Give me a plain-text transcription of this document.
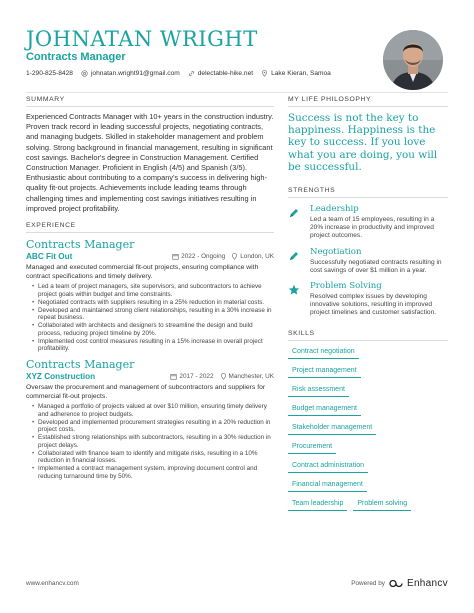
JOHNATAN WRIGHT
Contracts Manager
1-290-825-8428	johnatan.wright91@gmail.com	delectable-hike.net	Lake Kieran, Samoa
SUMMARY
Experienced Contracts Manager with 10+ years in the construction industry. Proven track record in leading successful projects, negotiating contracts, and managing budgets. Skilled in stakeholder management and problem solving. Strong background in financial management, resulting in significant cost savings. Bachelor's degree in Construction Management. Certified Construction Manager. Proficient in English (4/5) and Spanish (3/5). Enthusiastic about contributing to a company's success in delivering high-quality fit-out projects. Achievements include leading teams through challenging times and implementing cost savings initiatives resulting in improved project profitability.
EXPERIENCE
Contracts Manager
ABC Fit Out	2022 - Ongoing London, UK
Managed and executed commercial fit-out projects, ensuring compliance with contract specifications and timely delivery.
• Led a team of project managers, site supervisors, and subcontractors to achieve project goals within budget and time constraints.
• Negotiated contracts with suppliers resulting in a 25% reduction in material costs.
• Developed and maintained strong client relationships, resulting in a 30% increase in repeat business.
• Collaborated with architects and designers to streamline the design and build process, reducing project timeline by 20%.
• Implemented cost control measures resulting in a 15% increase in overall project profitability.
Contracts Manager
XYZ Construction	2017 - 2022 Manchester, UK
Oversaw the procurement and management of subcontractors and suppliers for commercial fit-out projects.
• Managed a portfolio of projects valued at over $10 million, ensuring timely delivery and adherence to project budgets.
• Developed and implemented procurement strategies resulting in a 20% reduction in project costs.
• Established strong relationships with subcontractors, resulting in a 30% reduction in project delays.
• Collaborated with finance team to identify and mitigate risks, resulting in a 10% reduction in financial losses.
• Implemented a contract management system, improving document control and reducing turnaround time by 50%.
MY LIFE PHILOSOPHY
Success is not the key to happiness. Happiness is the key to success. If you love what you are doing, you will be successful.
STRENGTHS
Leadership
Led a team of 15 employees, resulting in a 20% increase in productivity and improved project outcomes.
Negotiation
Successfully negotiated contracts resulting in cost savings of over $1 million in a year.
Problem Solving
Resolved complex issues by developing innovative solutions, resulting in improved project timelines and customer satisfaction.
SKILLS
Contract negotiation
Project management
Risk assessment
Budget management
Stakeholder management
Procurement
Contract administration
Financial management
Team leadership	Problem solving
www.enhancv.com	Powered by Enhancv
